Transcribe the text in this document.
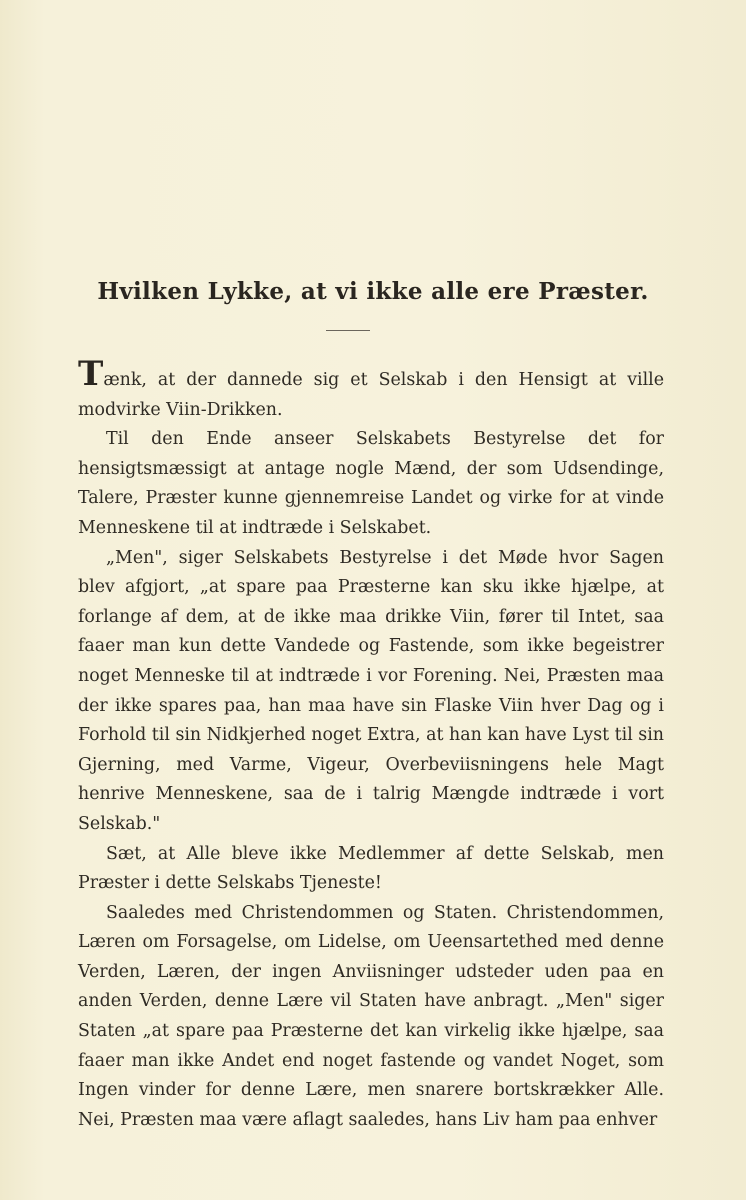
Hvilken Lykke, at vi ikke alle ere Præster.

Tænk, at der dannede sig et Selskab i den Hensigt at ville modvirke Viin-Drikken.

Til den Ende anseer Selskabets Bestyrelse det for hensigtsmæssigt at antage nogle Mænd, der som Udsendinge, Talere, Præster kunne gjennemreise Landet og virke for at vinde Menneskene til at indtræde i Selskabet.

„Men", siger Selskabets Bestyrelse i det Møde hvor Sagen blev afgjort, „at spare paa Præsterne kan sku ikke hjælpe, at forlange af dem, at de ikke maa drikke Viin, fører til Intet, saa faaer man kun dette Vandede og Fastende, som ikke begeistrer noget Menneske til at indtræde i vor Forening. Nei, Præsten maa der ikke spares paa, han maa have sin Flaske Viin hver Dag og i Forhold til sin Nidkjerhed noget Extra, at han kan have Lyst til sin Gjerning, med Varme, Vigeur, Overbeviisningens hele Magt henrive Menneskene, saa de i talrig Mængde indtræde i vort Selskab."

Sæt, at Alle bleve ikke Medlemmer af dette Selskab, men Præster i dette Selskabs Tjeneste!

Saaledes med Christendommen og Staten. Christendommen, Læren om Forsagelse, om Lidelse, om Ueensartethed med denne Verden, Læren, der ingen Anviisninger udsteder uden paa en anden Verden, denne Lære vil Staten have anbragt. „Men" siger Staten „at spare paa Præsterne det kan virkelig ikke hjælpe, saa faaer man ikke Andet end noget fastende og vandet Noget, som Ingen vinder for denne Lære, men snarere bortskrækker Alle. Nei, Præsten maa være aflagt saaledes, hans Liv ham paa enhver
